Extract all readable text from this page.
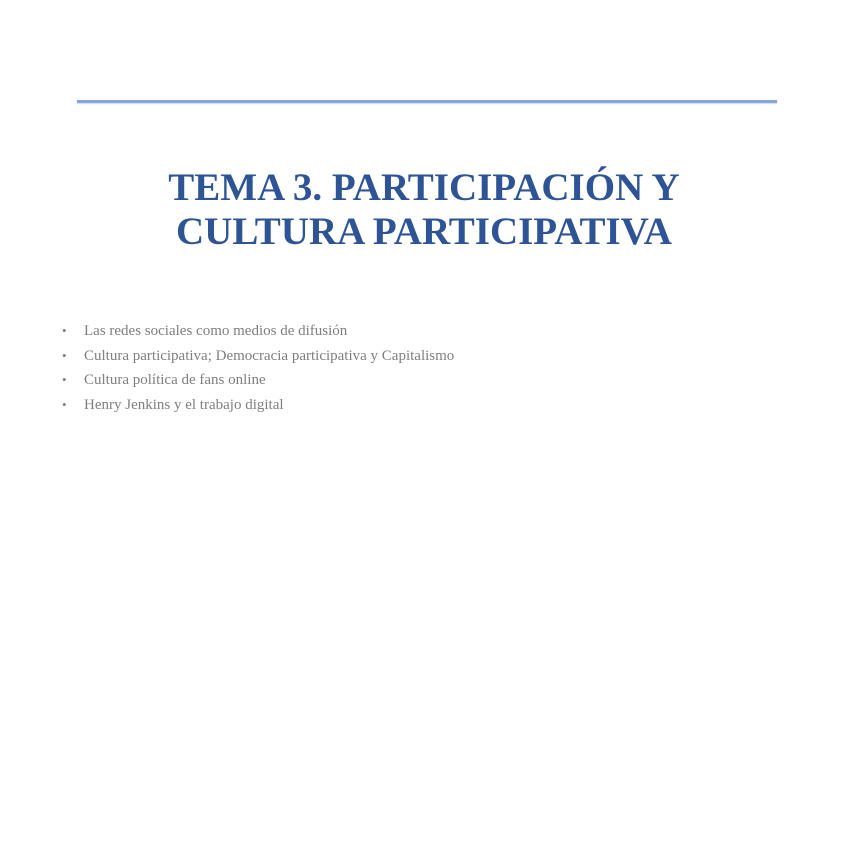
TEMA 3. PARTICIPACIÓN Y
CULTURA PARTICIPATIVA
•	Las redes sociales como medios de difusión
•	Cultura participativa; Democracia participativa y Capitalismo
•	Cultura política de fans online
•	Henry Jenkins y el trabajo digital
